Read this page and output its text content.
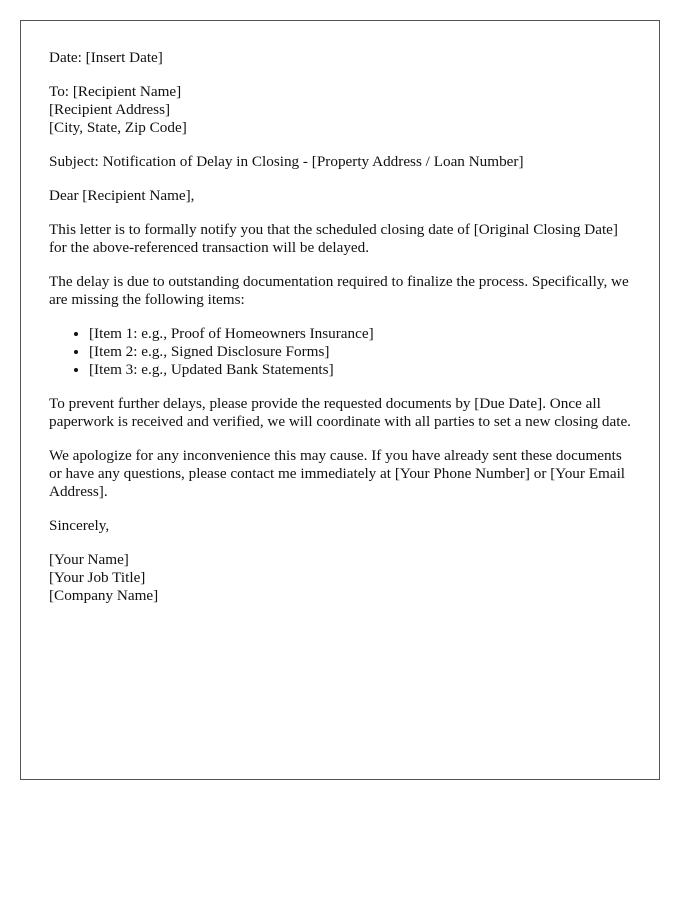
Date: [Insert Date]

To: [Recipient Name]
[Recipient Address]
[City, State, Zip Code]

Subject: Notification of Delay in Closing - [Property Address / Loan Number]

Dear [Recipient Name],

This letter is to formally notify you that the scheduled closing date of [Original Closing Date] for the above-referenced transaction will be delayed.

The delay is due to outstanding documentation required to finalize the process. Specifically, we are missing the following items:

• [Item 1: e.g., Proof of Homeowners Insurance]
• [Item 2: e.g., Signed Disclosure Forms]
• [Item 3: e.g., Updated Bank Statements]

To prevent further delays, please provide the requested documents by [Due Date]. Once all paperwork is received and verified, we will coordinate with all parties to set a new closing date.

We apologize for any inconvenience this may cause. If you have already sent these documents or have any questions, please contact me immediately at [Your Phone Number] or [Your Email Address].

Sincerely,

[Your Name]
[Your Job Title]
[Company Name]
